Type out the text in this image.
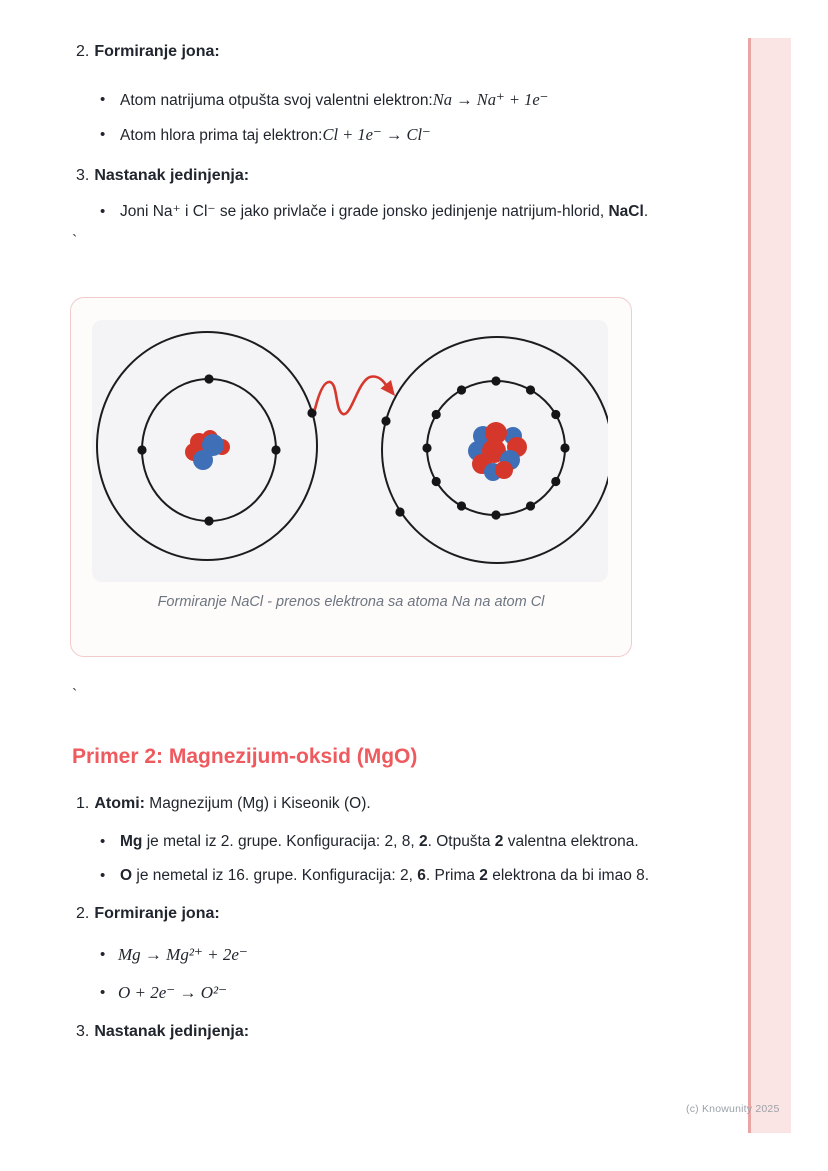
2. Formiranje jona:
• Atom natrijuma otpušta svoj valentni elektron:Na → Na⁺ + 1e⁻
• Atom hlora prima taj elektron:Cl + 1e⁻ → Cl⁻
3. Nastanak jedinjenja:
• Joni Na⁺ i Cl⁻ se jako privlače i grade jonsko jedinjenje natrijum-hlorid, NaCl.
`
Formiranje NaCl - prenos elektrona sa atoma Na na atom Cl
`
Primer 2: Magnezijum-oksid (MgO)
1. Atomi: Magnezijum (Mg) i Kiseonik (O).
• Mg je metal iz 2. grupe. Konfiguracija: 2, 8, 2. Otpušta 2 valentna elektrona.
• O je nemetal iz 16. grupe. Konfiguracija: 2, 6. Prima 2 elektrona da bi imao 8.
2. Formiranje jona:
• Mg → Mg²⁺ + 2e⁻
• O + 2e⁻ → O²⁻
3. Nastanak jedinjenja:
(c) Knowunity 2025
